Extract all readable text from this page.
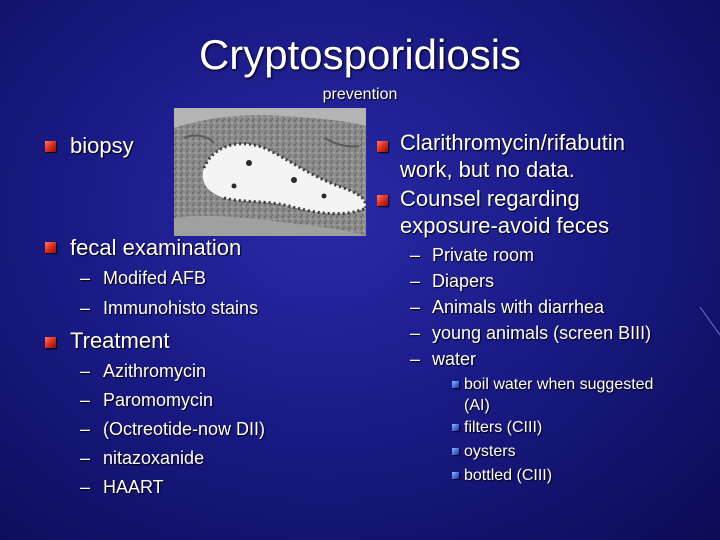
Cryptosporidiosis
prevention
biopsy
fecal examination
– Modifed AFB
– Immunohisto stains
Treatment
– Azithromycin
– Paromomycin
– (Octreotide-now DII)
– nitazoxanide
– HAART
Clarithromycin/rifabutin
work, but no data.
Counsel regarding
exposure-avoid feces
– Private room
– Diapers
– Animals with diarrhea
– young animals (screen BIII)
– water
boil water when suggested
(AI)
filters (CIII)
oysters
bottled (CIII)
